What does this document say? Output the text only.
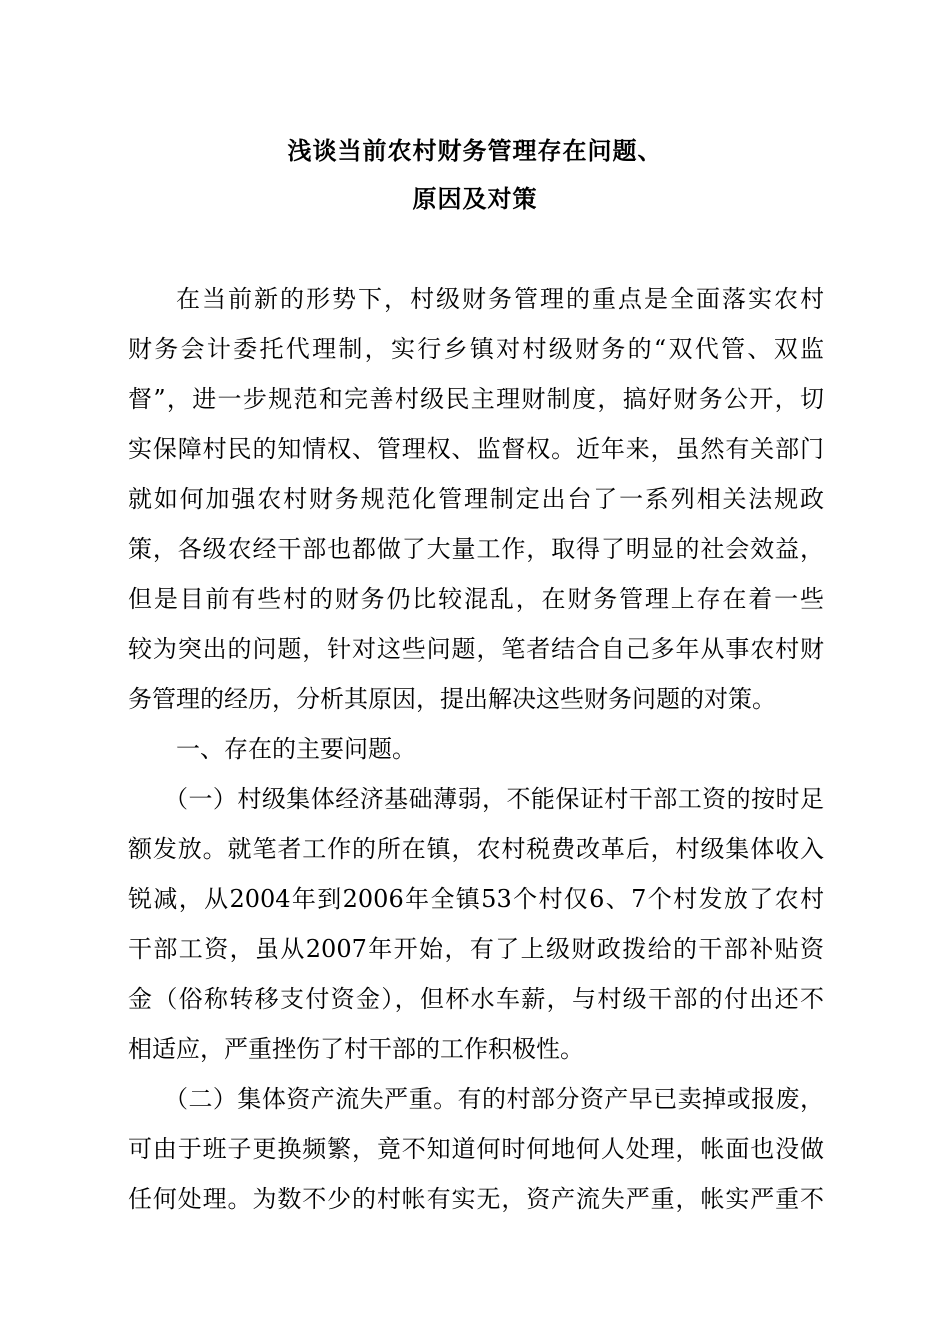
浅谈当前农村财务管理存在问题、
原因及对策
在当前新的形势下，村级财务管理的重点是全面落实农村
财务会计委托代理制，实行乡镇对村级财务的“双代管、双监
督”，进一步规范和完善村级民主理财制度，搞好财务公开，切
实保障村民的知情权、管理权、监督权。近年来，虽然有关部门
就如何加强农村财务规范化管理制定出台了一系列相关法规政
策，各级农经干部也都做了大量工作，取得了明显的社会效益，
但是目前有些村的财务仍比较混乱，在财务管理上存在着一些
较为突出的问题，针对这些问题，笔者结合自己多年从事农村财
务管理的经历，分析其原因，提出解决这些财务问题的对策。
一、存在的主要问题。
（一）村级集体经济基础薄弱，不能保证村干部工资的按时足
额发放。就笔者工作的所在镇，农村税费改革后，村级集体收入
锐减，从2004年到2006年全镇53个村仅6、7个村发放了农村
干部工资，虽从2007年开始，有了上级财政拨给的干部补贴资
金（俗称转移支付资金），但杯水车薪，与村级干部的付出还不
相适应，严重挫伤了村干部的工作积极性。
（二）集体资产流失严重。有的村部分资产早已卖掉或报废，
可由于班子更换频繁，竟不知道何时何地何人处理，帐面也没做
任何处理。为数不少的村帐有实无，资产流失严重，帐实严重不
